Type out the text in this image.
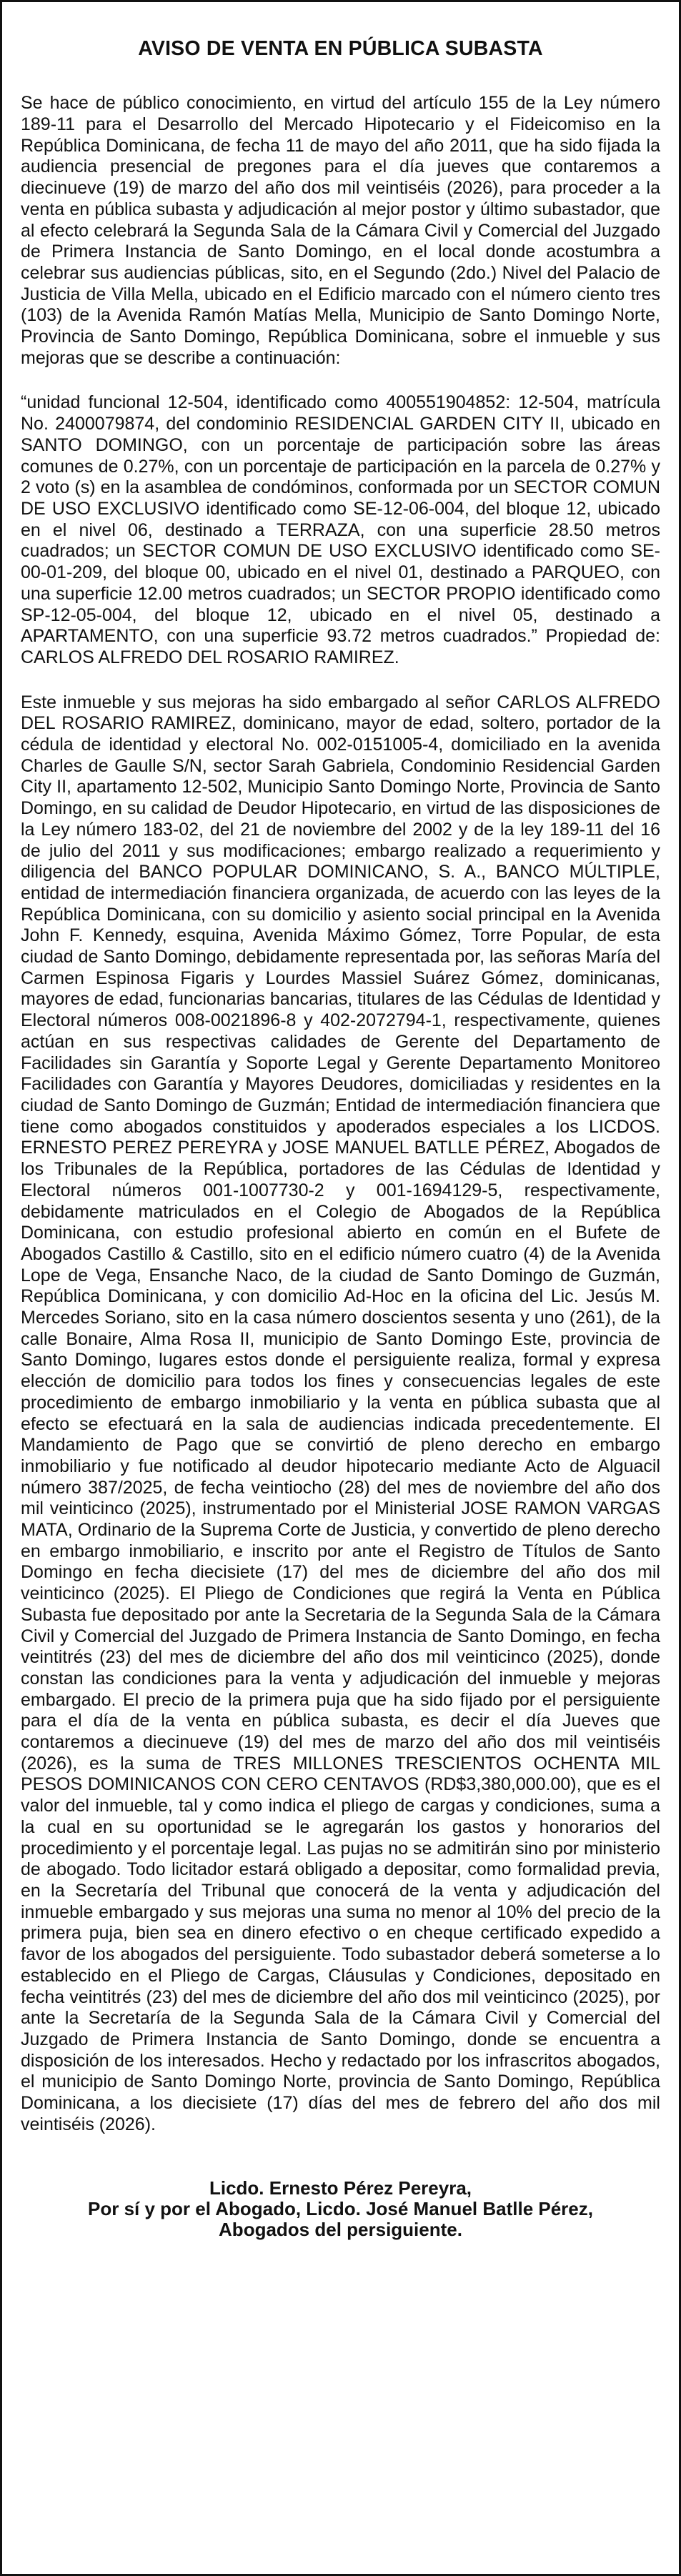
AVISO DE VENTA EN PÚBLICA SUBASTA

Se hace de público conocimiento, en virtud del artículo 155 de la Ley número 189-11 para el Desarrollo del Mercado Hipotecario y el Fideicomiso en la República Dominicana, de fecha 11 de mayo del año 2011, que ha sido fijada la audiencia presencial de pregones para el día jueves que contaremos a diecinueve (19) de marzo del año dos mil veintiséis (2026), para proceder a la venta en pública subasta y adjudicación al mejor postor y último subastador, que al efecto celebrará la Segunda Sala de la Cámara Civil y Comercial del Juzgado de Primera Instancia de Santo Domingo, en el local donde acostumbra a celebrar sus audiencias públicas, sito, en el Segundo (2do.) Nivel del Palacio de Justicia de Villa Mella, ubicado en el Edificio marcado con el número ciento tres (103) de la Avenida Ramón Matías Mella, Municipio de Santo Domingo Norte, Provincia de Santo Domingo, República Dominicana, sobre el inmueble y sus mejoras que se describe a continuación:

“unidad funcional 12-504, identificado como 400551904852: 12-504, matrícula No. 2400079874, del condominio RESIDENCIAL GARDEN CITY II, ubicado en SANTO DOMINGO, con un porcentaje de participación sobre las áreas comunes de 0.27%, con un porcentaje de participación en la parcela de 0.27% y 2 voto (s) en la asamblea de condóminos, conformada por un SECTOR COMUN DE USO EXCLUSIVO identificado como SE-12-06-004, del bloque 12, ubicado en el nivel 06, destinado a TERRAZA, con una superficie 28.50 metros cuadrados; un SECTOR COMUN DE USO EXCLUSIVO identificado como SE-00-01-209, del bloque 00, ubicado en el nivel 01, destinado a PARQUEO, con una superficie 12.00 metros cuadrados; un SECTOR PROPIO identificado como SP-12-05-004, del bloque 12, ubicado en el nivel 05, destinado a APARTAMENTO, con una superficie 93.72 metros cuadrados.” Propiedad de: CARLOS ALFREDO DEL ROSARIO RAMIREZ.

Este inmueble y sus mejoras ha sido embargado al señor CARLOS ALFREDO DEL ROSARIO RAMIREZ, dominicano, mayor de edad, soltero, portador de la cédula de identidad y electoral No. 002-0151005-4, domiciliado en la avenida Charles de Gaulle S/N, sector Sarah Gabriela, Condominio Residencial Garden City II, apartamento 12-502, Municipio Santo Domingo Norte, Provincia de Santo Domingo, en su calidad de Deudor Hipotecario, en virtud de las disposiciones de la Ley número 183-02, del 21 de noviembre del 2002 y de la ley 189-11 del 16 de julio del 2011 y sus modificaciones; embargo realizado a requerimiento y diligencia del BANCO POPULAR DOMINICANO, S. A., BANCO MÚLTIPLE, entidad de intermediación financiera organizada, de acuerdo con las leyes de la República Dominicana, con su domicilio y asiento social principal en la Avenida John F. Kennedy, esquina, Avenida Máximo Gómez, Torre Popular, de esta ciudad de Santo Domingo, debidamente representada por, las señoras María del Carmen Espinosa Figaris y Lourdes Massiel Suárez Gómez, dominicanas, mayores de edad, funcionarias bancarias, titulares de las Cédulas de Identidad y Electoral números 008-0021896-8 y 402-2072794-1, respectivamente, quienes actúan en sus respectivas calidades de Gerente del Departamento de Facilidades sin Garantía y Soporte Legal y Gerente Departamento Monitoreo Facilidades con Garantía y Mayores Deudores, domiciliadas y residentes en la ciudad de Santo Domingo de Guzmán; Entidad de intermediación financiera que tiene como abogados constituidos y apoderados especiales a los LICDOS. ERNESTO PEREZ PEREYRA y JOSE MANUEL BATLLE PÉREZ, Abogados de los Tribunales de la República, portadores de las Cédulas de Identidad y Electoral números 001-1007730-2 y 001-1694129-5, respectivamente, debidamente matriculados en el Colegio de Abogados de la República Dominicana, con estudio profesional abierto en común en el Bufete de Abogados Castillo & Castillo, sito en el edificio número cuatro (4) de la Avenida Lope de Vega, Ensanche Naco, de la ciudad de Santo Domingo de Guzmán, República Dominicana, y con domicilio Ad-Hoc en la oficina del Lic. Jesús M. Mercedes Soriano, sito en la casa número doscientos sesenta y uno (261), de la calle Bonaire, Alma Rosa II, municipio de Santo Domingo Este, provincia de Santo Domingo, lugares estos donde el persiguiente realiza, formal y expresa elección de domicilio para todos los fines y consecuencias legales de este procedimiento de embargo inmobiliario y la venta en pública subasta que al efecto se efectuará en la sala de audiencias indicada precedentemente. El Mandamiento de Pago que se convirtió de pleno derecho en embargo inmobiliario y fue notificado al deudor hipotecario mediante Acto de Alguacil número 387/2025, de fecha veintiocho (28) del mes de noviembre del año dos mil veinticinco (2025), instrumentado por el Ministerial JOSE RAMON VARGAS MATA, Ordinario de la Suprema Corte de Justicia, y convertido de pleno derecho en embargo inmobiliario, e inscrito por ante el Registro de Títulos de Santo Domingo en fecha diecisiete (17) del mes de diciembre del año dos mil veinticinco (2025). El Pliego de Condiciones que regirá la Venta en Pública Subasta fue depositado por ante la Secretaria de la Segunda Sala de la Cámara Civil y Comercial del Juzgado de Primera Instancia de Santo Domingo, en fecha veintitrés (23) del mes de diciembre del año dos mil veinticinco (2025), donde constan las condiciones para la venta y adjudicación del inmueble y mejoras embargado. El precio de la primera puja que ha sido fijado por el persiguiente para el día de la venta en pública subasta, es decir el día Jueves que contaremos a diecinueve (19) del mes de marzo del año dos mil veintiséis (2026), es la suma de TRES MILLONES TRESCIENTOS OCHENTA MIL PESOS DOMINICANOS CON CERO CENTAVOS (RD$3,380,000.00), que es el valor del inmueble, tal y como indica el pliego de cargas y condiciones, suma a la cual en su oportunidad se le agregarán los gastos y honorarios del procedimiento y el porcentaje legal. Las pujas no se admitirán sino por ministerio de abogado. Todo licitador estará obligado a depositar, como formalidad previa, en la Secretaría del Tribunal que conocerá de la venta y adjudicación del inmueble embargado y sus mejoras una suma no menor al 10% del precio de la primera puja, bien sea en dinero efectivo o en cheque certificado expedido a favor de los abogados del persiguiente. Todo subastador deberá someterse a lo establecido en el Pliego de Cargas, Cláusulas y Condiciones, depositado en fecha veintitrés (23) del mes de diciembre del año dos mil veinticinco (2025), por ante la Secretaría de la Segunda Sala de la Cámara Civil y Comercial del Juzgado de Primera Instancia de Santo Domingo, donde se encuentra a disposición de los interesados. Hecho y redactado por los infrascritos abogados, el municipio de Santo Domingo Norte, provincia de Santo Domingo, República Dominicana, a los diecisiete (17) días del mes de febrero del año dos mil veintiséis (2026).

Licdo. Ernesto Pérez Pereyra,
Por sí y por el Abogado, Licdo. José Manuel Batlle Pérez,
Abogados del persiguiente.
